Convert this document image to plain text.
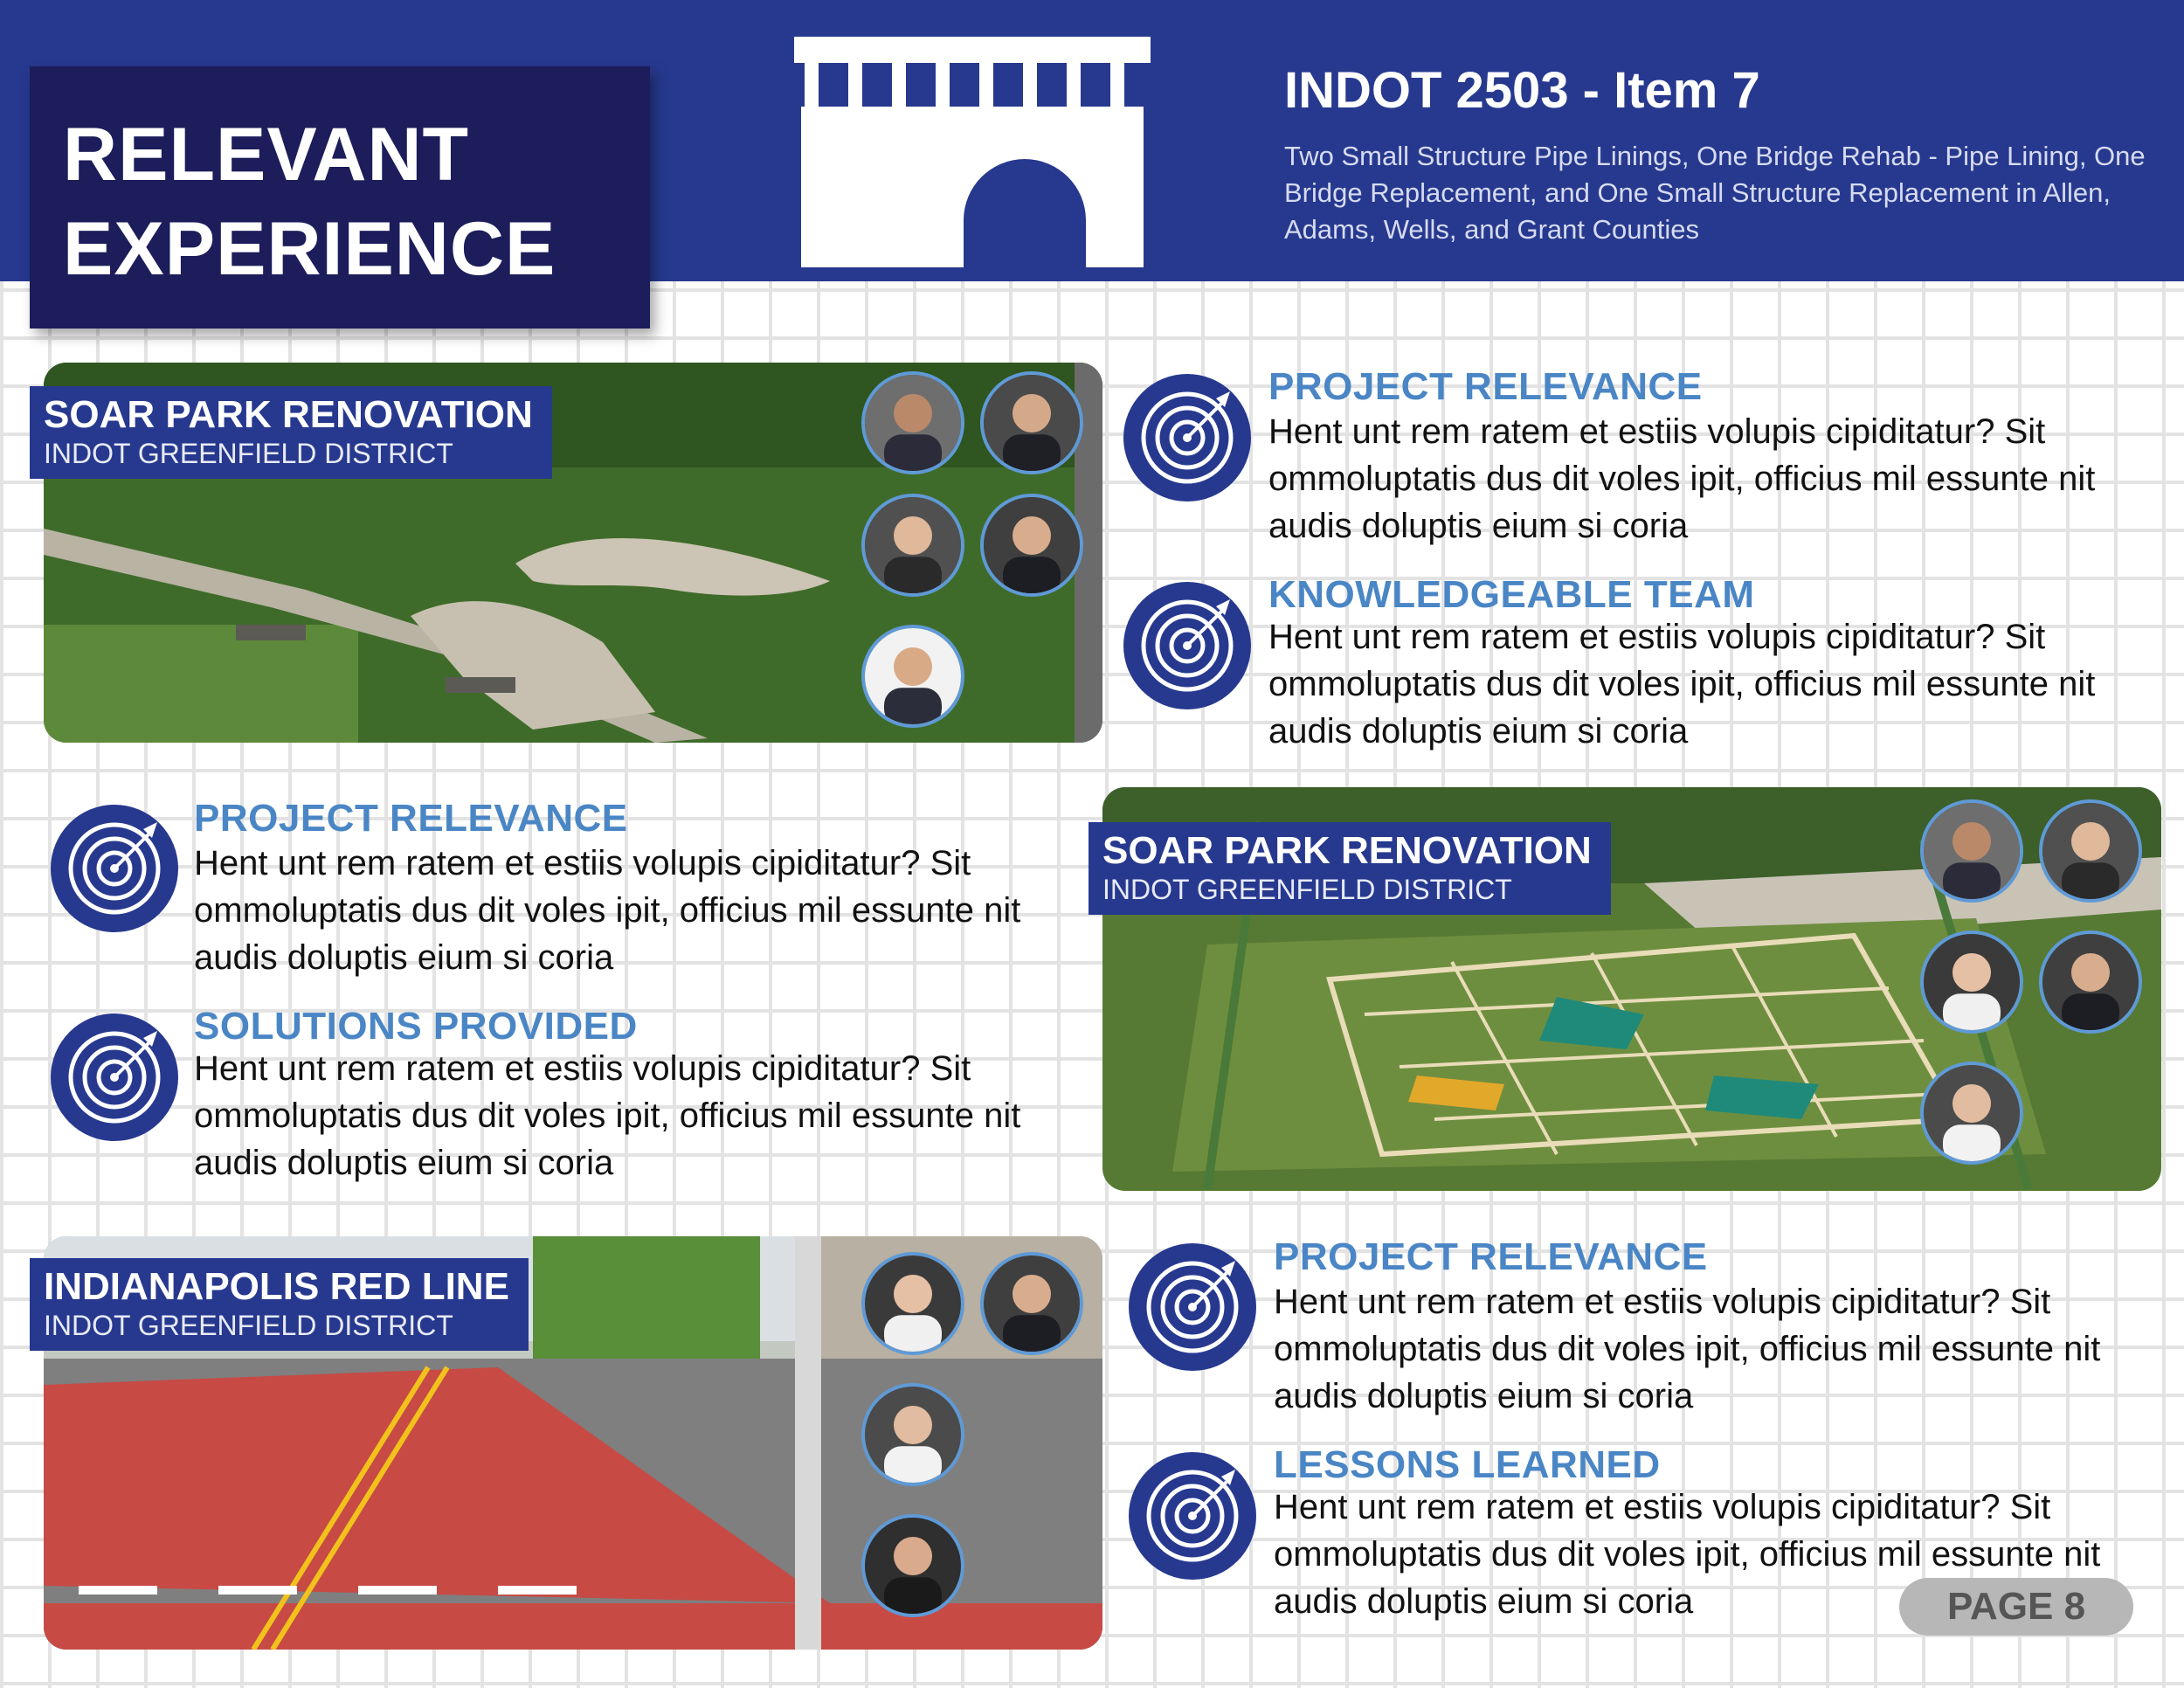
RELEVANT
EXPERIENCE
INDOT 2503 - Item 7
Two Small Structure Pipe Linings, One Bridge Rehab - Pipe Lining, One Bridge Replacement, and One Small Structure Replacement in Allen, Adams, Wells, and Grant Counties
SOAR PARK RENOVATION
INDOT GREENFIELD DISTRICT
SOAR PARK RENOVATION
INDOT GREENFIELD DISTRICT
INDIANAPOLIS RED LINE
INDOT GREENFIELD DISTRICT
PROJECT RELEVANCE
Hent unt rem ratem et estiis volupis cipiditatur? Sit ommoluptatis dus dit voles ipit, officius mil essunte nit audis doluptis eium si coria
KNOWLEDGEABLE TEAM
Hent unt rem ratem et estiis volupis cipiditatur? Sit ommoluptatis dus dit voles ipit, officius mil essunte nit audis doluptis eium si coria
PROJECT RELEVANCE
Hent unt rem ratem et estiis volupis cipiditatur? Sit ommoluptatis dus dit voles ipit, officius mil essunte nit audis doluptis eium si coria
SOLUTIONS PROVIDED
Hent unt rem ratem et estiis volupis cipiditatur? Sit ommoluptatis dus dit voles ipit, officius mil essunte nit audis doluptis eium si coria
PROJECT RELEVANCE
Hent unt rem ratem et estiis volupis cipiditatur? Sit ommoluptatis dus dit voles ipit, officius mil essunte nit audis doluptis eium si coria
LESSONS LEARNED
Hent unt rem ratem et estiis volupis cipiditatur? Sit ommoluptatis dus dit voles ipit, officius mil essunte nit audis doluptis eium si coria	PAGE 8
